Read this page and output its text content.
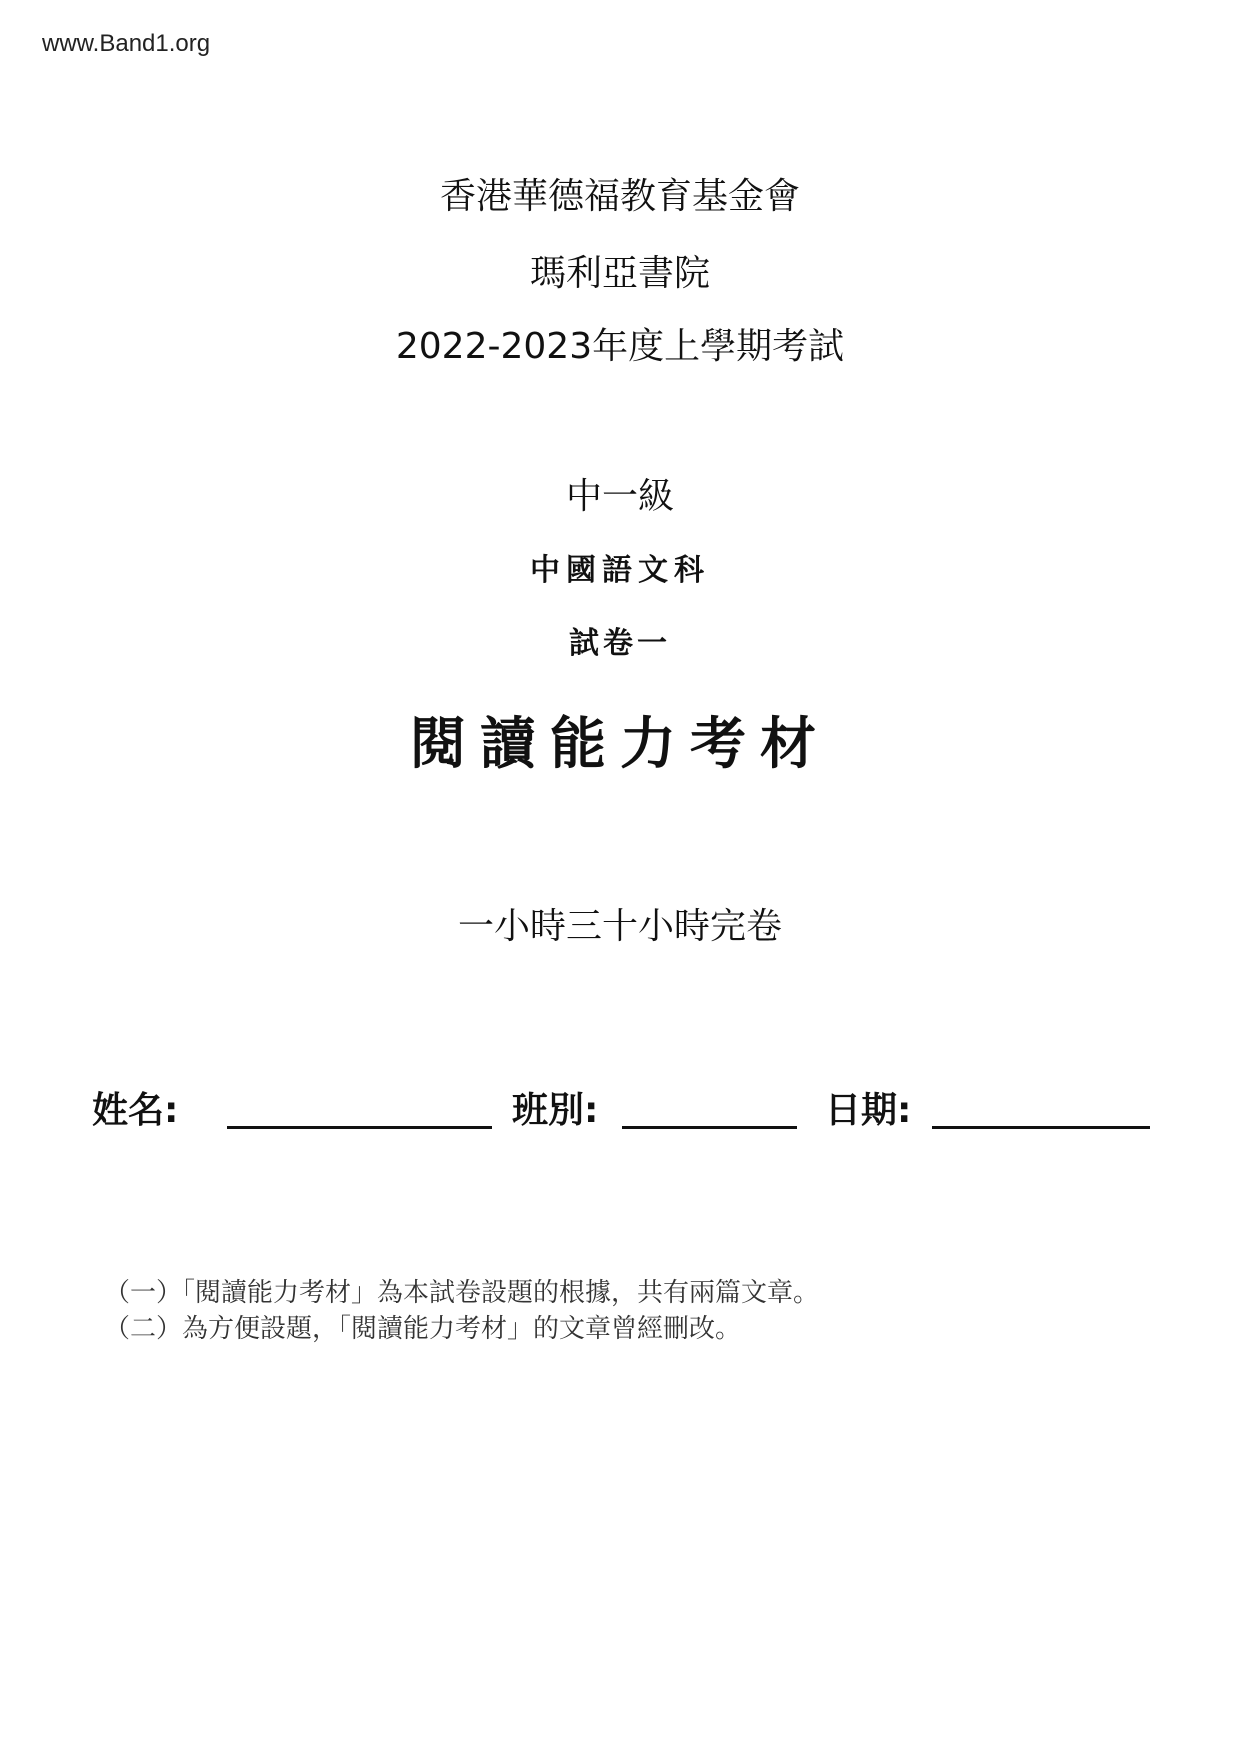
www.Band1.org
香港華德福教育基金會
瑪利亞書院
2022-2023年度上學期考試
中一級
中國語文科
試卷一
閱讀能力考材
一小時三十小時完卷
姓名:	班別:	日期:
（一）「閱讀能力考材」為本試卷設題的根據，共有兩篇文章。
（二）為方便設題，「閱讀能力考材」的文章曾經刪改。
